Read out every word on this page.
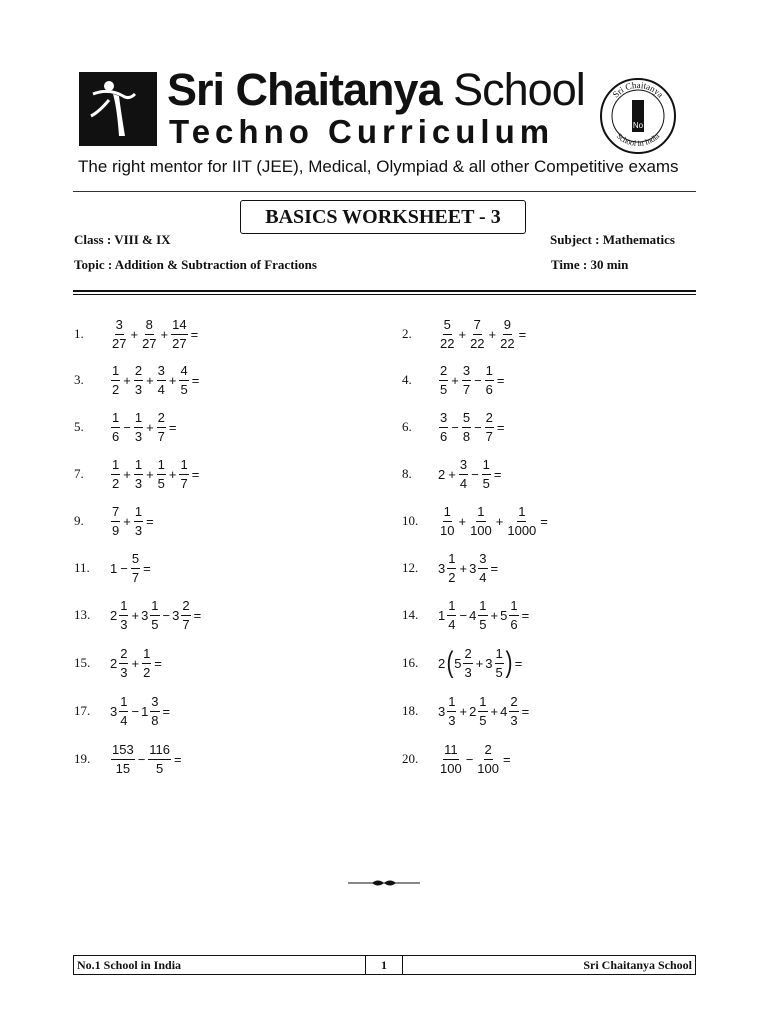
Sri Chaitanya School
Techno Curriculum
Sri Chaitanya
School in India
No
The right mentor for IIT (JEE), Medical, Olympiad & all other Competitive exams
BASICS WORKSHEET - 3
Class : VIII & IX	Subject : Mathematics
Topic : Addition & Subtraction of Fractions	Time : 30 min
1. $\frac{3}{27} + \frac{8}{27} + \frac{14}{27}$ =	2. $\frac{5}{22} + \frac{7}{22} + \frac{9}{22}$ =
3. $\frac{1}{2} + \frac{2}{3} + \frac{3}{4} + \frac{4}{5}$ =	4. $\frac{2}{5} + \frac{3}{7} - \frac{1}{6}$ =
5. $\frac{1}{6} - \frac{1}{3} + \frac{2}{7}$ =	6. $\frac{3}{6} - \frac{5}{8} - \frac{2}{7}$ =
7. $\frac{1}{2} + \frac{1}{3} + \frac{1}{5} + \frac{1}{7}$ =	8. $2 + \frac{3}{4} - \frac{1}{5}$ =
9. $\frac{7}{9} + \frac{1}{3}$ =	10. $\frac{1}{10} + \frac{1}{100} + \frac{1}{1000}$ =
11. $1 - \frac{5}{7}$ =	12. $3 \frac{1}{2} + 3 \frac{3}{4}$ =
13. $2 \frac{1}{3} + 3 \frac{1}{5} - 3 \frac{2}{7}$ =	14. $1 \frac{1}{4} - 4 \frac{1}{5} + 5 \frac{1}{6}$ =
15. $2 \frac{2}{3} + \frac{1}{2}$ =	16. 2 ( $5 \frac{2}{3} + 3 \frac{1}{5}$ ) =
17. $3 \frac{1}{4} - 1 \frac{3}{8}$ =	18. $3 \frac{1}{3} + 2 \frac{1}{5} + 4 \frac{2}{3}$ =
19. $\frac{153}{15} - \frac{116}{5}$ =	20. $\frac{11}{100} - \frac{2}{100}$ =
No.1 School in India	1	Sri Chaitanya School
